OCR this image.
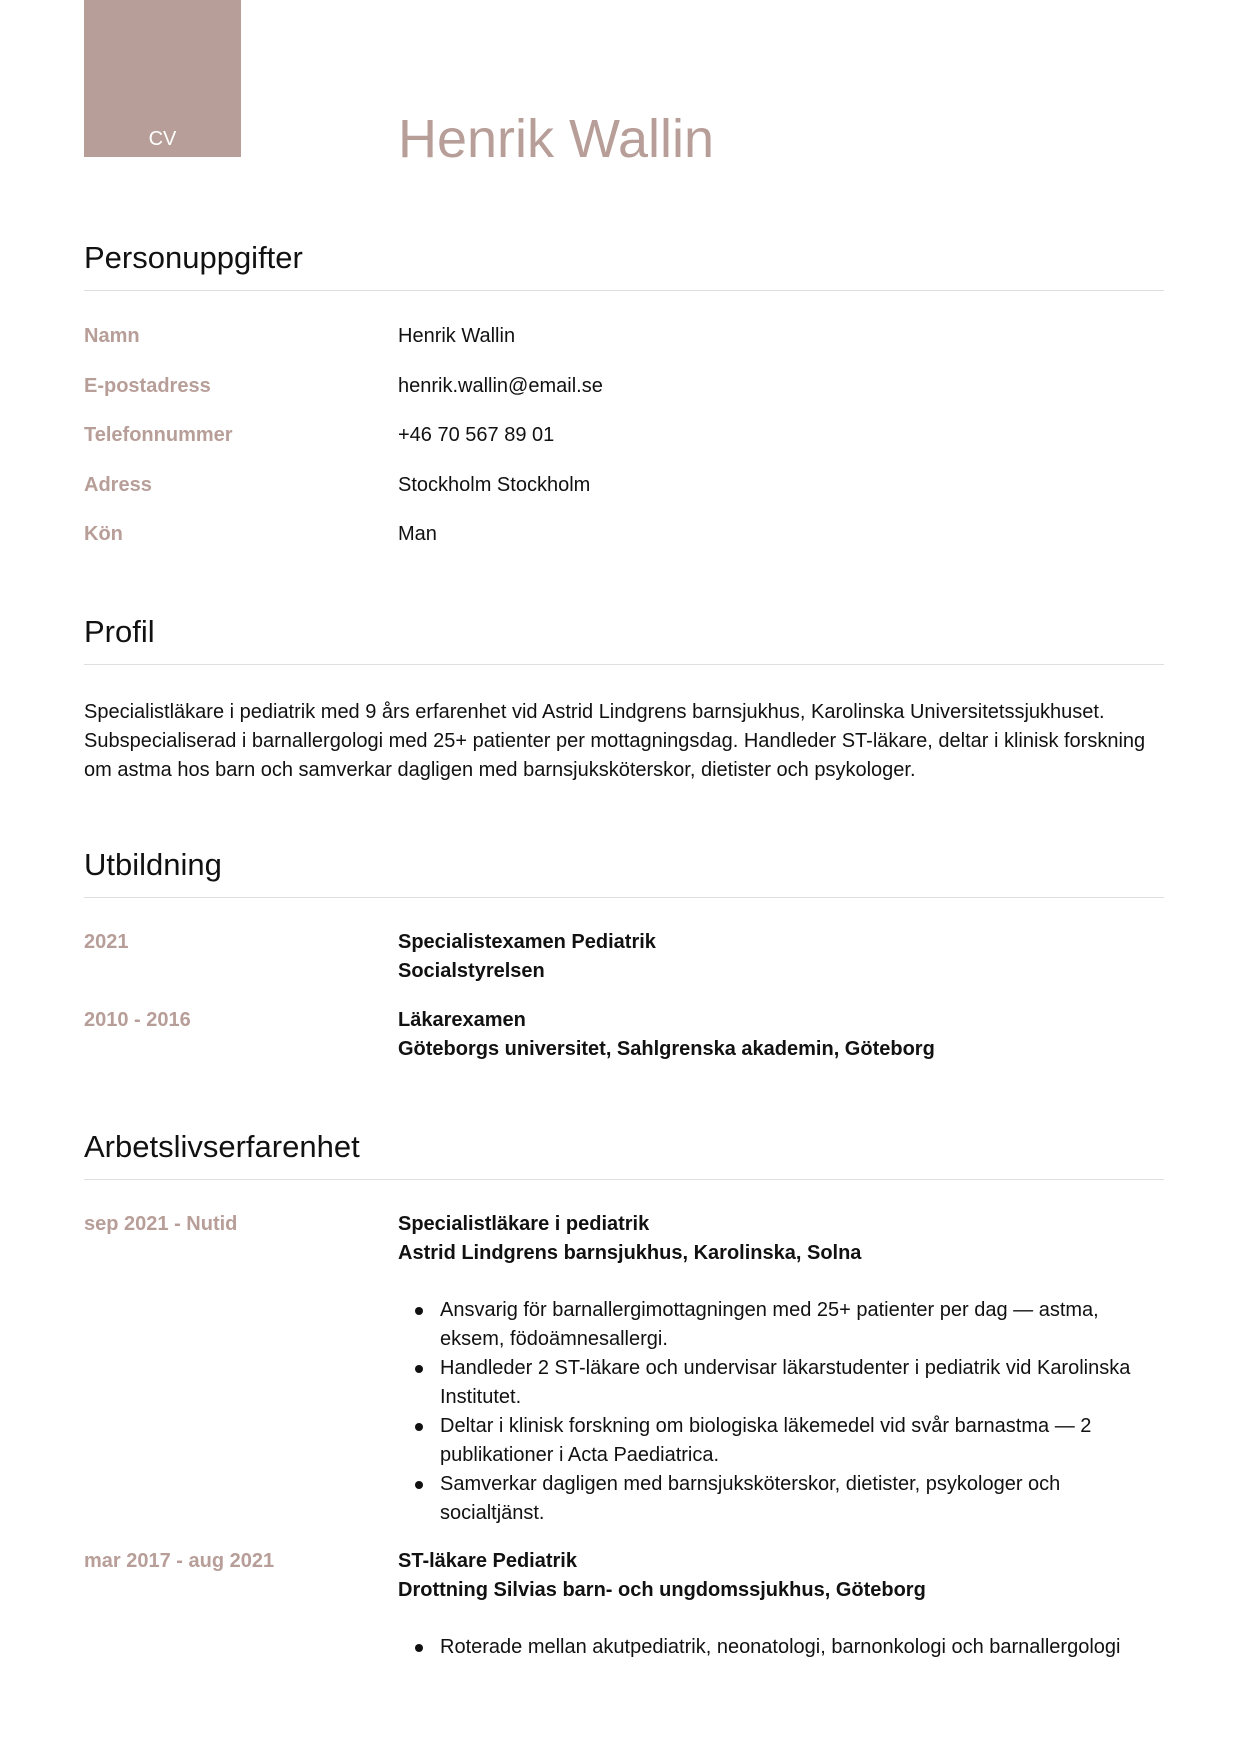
CV	Henrik Wallin
Personuppgifter
Namn	Henrik Wallin
E-postadress	henrik.wallin@email.se
Telefonnummer	+46 70 567 89 01
Adress	Stockholm Stockholm
Kön	Man
Profil
Specialistläkare i pediatrik med 9 års erfarenhet vid Astrid Lindgrens barnsjukhus, Karolinska Universitetssjukhuset. Subspecialiserad i barnallergologi med 25+ patienter per mottagningsdag. Handleder ST-läkare, deltar i klinisk forskning om astma hos barn och samverkar dagligen med barnsjuksköterskor, dietister och psykologer.
Utbildning
2021	Specialistexamen Pediatrik
Socialstyrelsen
2010 - 2016	Läkarexamen
Göteborgs universitet, Sahlgrenska akademin, Göteborg
Arbetslivserfarenhet
sep 2021 - Nutid	Specialistläkare i pediatrik
Astrid Lindgrens barnsjukhus, Karolinska, Solna
Ansvarig för barnallergimottagningen med 25+ patienter per dag — astma, eksem, födoämnesallergi.
Handleder 2 ST-läkare och undervisar läkarstudenter i pediatrik vid Karolinska Institutet.
Deltar i klinisk forskning om biologiska läkemedel vid svår barnastma — 2 publikationer i Acta Paediatrica.
Samverkar dagligen med barnsjuksköterskor, dietister, psykologer och socialtjänst.
mar 2017 - aug 2021	ST-läkare Pediatrik
Drottning Silvias barn- och ungdomssjukhus, Göteborg
Roterade mellan akutpediatrik, neonatologi, barnonkologi och barnallergologi
